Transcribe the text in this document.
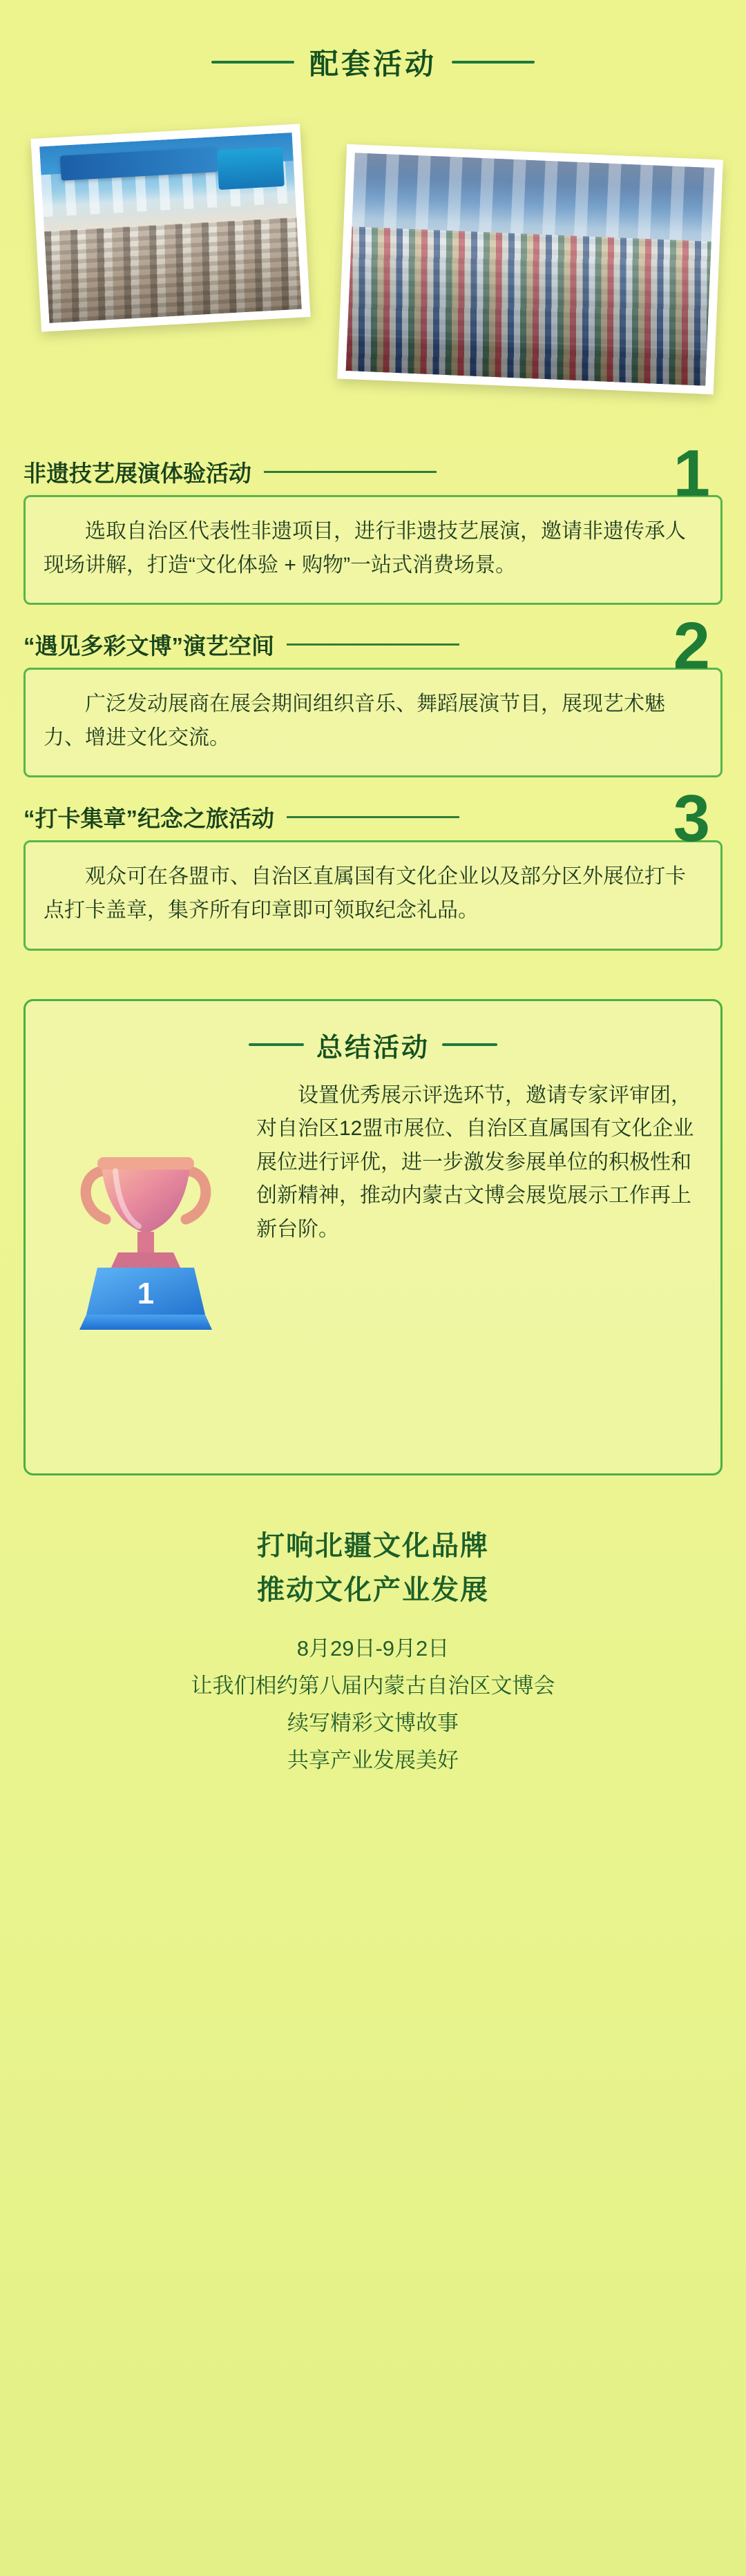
配套活动
1
非遗技艺展演体验活动
选取自治区代表性非遗项目，进行非遗技艺展演，邀请非遗传承人现场讲解，打造“文化体验 + 购物”一站式消费场景。
2
“遇见多彩文博”演艺空间
广泛发动展商在展会期间组织音乐、舞蹈展演节目，展现艺术魅力、增进文化交流。
3
“打卡集章”纪念之旅活动
观众可在各盟市、自治区直属国有文化企业以及部分区外展位打卡点打卡盖章，集齐所有印章即可领取纪念礼品。
总结活动
1
设置优秀展示评选环节，邀请专家评审团，对自治区12盟市展位、自治区直属国有文化企业展位进行评优，进一步激发参展单位的积极性和创新精神，推动内蒙古文博会展览展示工作再上新台阶。
打响北疆文化品牌
推动文化产业发展
8月29日-9月2日
让我们相约第八届内蒙古自治区文博会
续写精彩文博故事
共享产业发展美好
